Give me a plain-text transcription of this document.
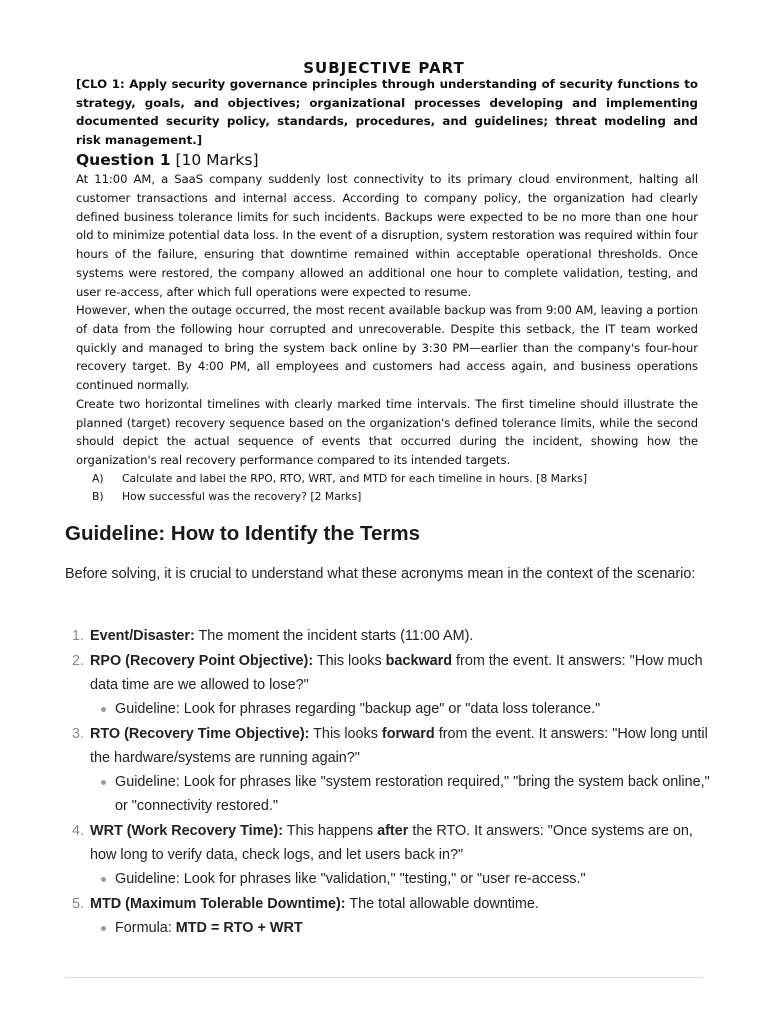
SUBJECTIVE PART

[CLO 1: Apply security governance principles through understanding of security functions to strategy, goals, and objectives; organizational processes developing and implementing documented security policy, standards, procedures, and guidelines; threat modeling and risk management.]

Question 1 [10 Marks]

At 11:00 AM, a SaaS company suddenly lost connectivity to its primary cloud environment, halting all customer transactions and internal access. According to company policy, the organization had clearly defined business tolerance limits for such incidents. Backups were expected to be no more than one hour old to minimize potential data loss. In the event of a disruption, system restoration was required within four hours of the failure, ensuring that downtime remained within acceptable operational thresholds. Once systems were restored, the company allowed an additional one hour to complete validation, testing, and user re-access, after which full operations were expected to resume.

However, when the outage occurred, the most recent available backup was from 9:00 AM, leaving a portion of data from the following hour corrupted and unrecoverable. Despite this setback, the IT team worked quickly and managed to bring the system back online by 3:30 PM—earlier than the company's four-hour recovery target. By 4:00 PM, all employees and customers had access again, and business operations continued normally.

Create two horizontal timelines with clearly marked time intervals. The first timeline should illustrate the planned (target) recovery sequence based on the organization's defined tolerance limits, while the second should depict the actual sequence of events that occurred during the incident, showing how the organization's real recovery performance compared to its intended targets.

A)	Calculate and label the RPO, RTO, WRT, and MTD for each timeline in hours. [8 Marks]
B)	How successful was the recovery? [2 Marks]
Guideline: How to Identify the Terms

Before solving, it is crucial to understand what these acronyms mean in the context of the scenario:

1. Event/Disaster: The moment the incident starts (11:00 AM).
2. RPO (Recovery Point Objective): This looks backward from the event. It answers: "How much data time are we allowed to lose?"
Guideline: Look for phrases regarding "backup age" or "data loss tolerance."
3. RTO (Recovery Time Objective): This looks forward from the event. It answers: "How long until the hardware/systems are running again?"
Guideline: Look for phrases like "system restoration required," "bring the system back online," or "connectivity restored."
4. WRT (Work Recovery Time): This happens after the RTO. It answers: "Once systems are on, how long to verify data, check logs, and let users back in?"
Guideline: Look for phrases like "validation," "testing," or "user re-access."
5. MTD (Maximum Tolerable Downtime): The total allowable downtime.
Formula: MTD = RTO + WRT
